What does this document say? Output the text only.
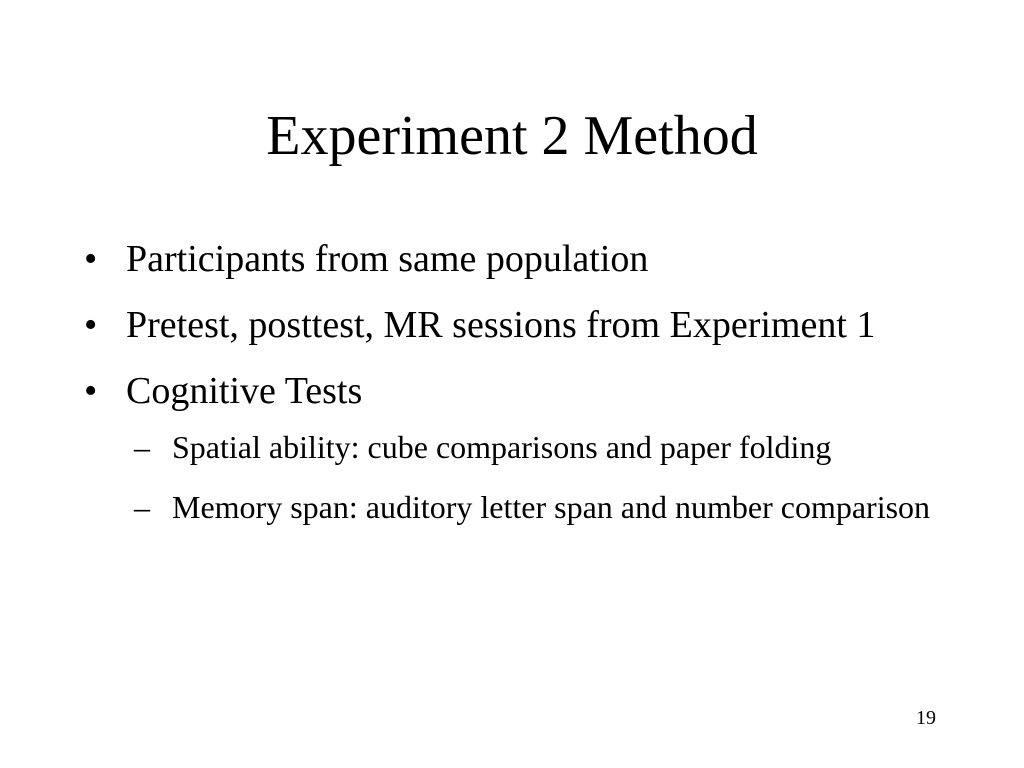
Experiment 2 Method
• Participants from same population
• Pretest, posttest, MR sessions from Experiment 1
• Cognitive Tests
– Spatial ability: cube comparisons and paper folding
– Memory span: auditory letter span and number comparison
19
